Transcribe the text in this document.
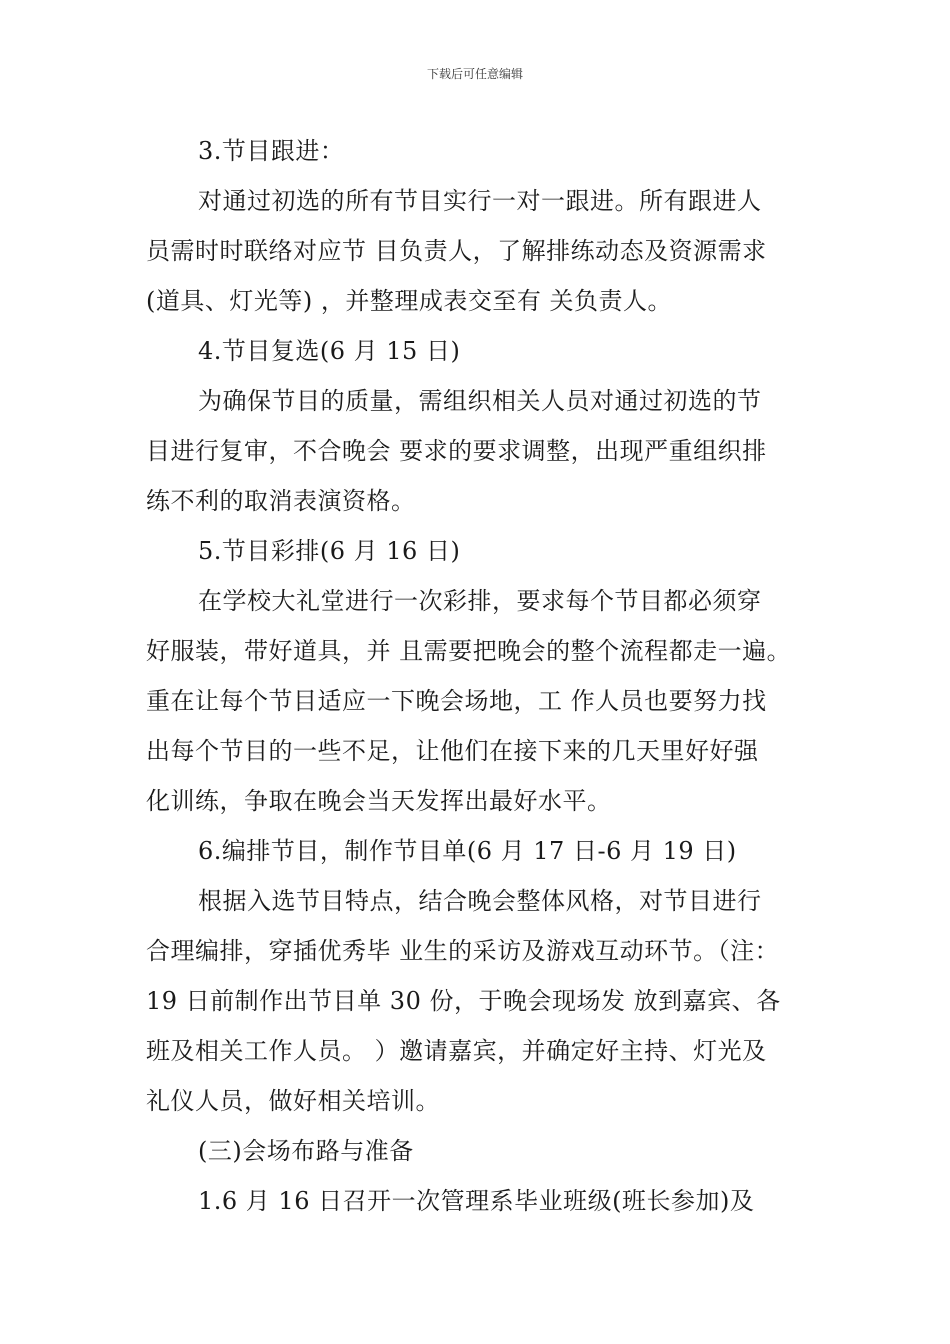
下载后可任意编辑
3.节目跟进：
对通过初选的所有节目实行一对一跟进。所有跟进人
员需时时联络对应节 目负责人，了解排练动态及资源需求
(道具、灯光等) ，并整理成表交至有 关负责人。
4.节目复选(6 月 15 日)
为确保节目的质量，需组织相关人员对通过初选的节
目进行复审，不合晚会 要求的要求调整，出现严重组织排
练不利的取消表演资格。
5.节目彩排(6 月 16 日)
在学校大礼堂进行一次彩排，要求每个节目都必须穿
好服装，带好道具，并 且需要把晚会的整个流程都走一遍。
重在让每个节目适应一下晚会场地，工 作人员也要努力找
出每个节目的一些不足，让他们在接下来的几天里好好强
化训练，争取在晚会当天发挥出最好水平。
6.编排节目，制作节目单(6 月 17 日-6 月 19 日)
根据入选节目特点，结合晚会整体风格，对节目进行
合理编排，穿插优秀毕 业生的采访及游戏互动环节。（注：
19 日前制作出节目单 30 份，于晚会现场发 放到嘉宾、各
班及相关工作人员。 ）邀请嘉宾，并确定好主持、灯光及
礼仪人员，做好相关培训。
(三)会场布路与准备
1.6 月 16 日召开一次管理系毕业班级(班长参加)及
